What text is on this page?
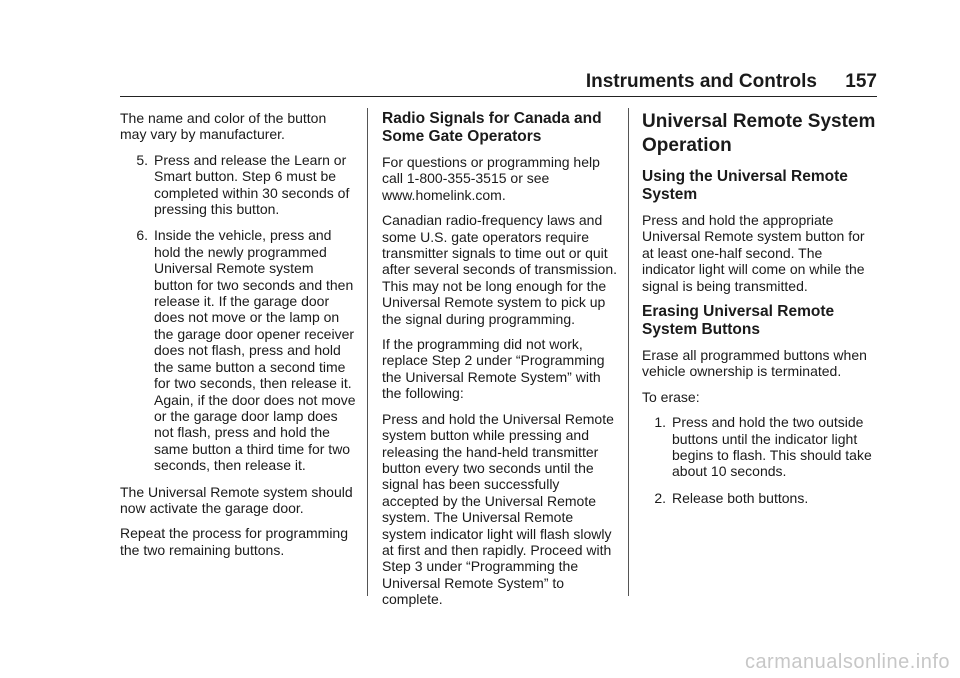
Instruments and Controls 157

The name and color of the button may vary by manufacturer.

5. Press and release the Learn or Smart button. Step 6 must be completed within 30 seconds of pressing this button.
6. Inside the vehicle, press and hold the newly programmed Universal Remote system button for two seconds and then release it. If the garage door does not move or the lamp on the garage door opener receiver does not flash, press and hold the same button a second time for two seconds, then release it. Again, if the door does not move or the garage door lamp does not flash, press and hold the same button a third time for two seconds, then release it.

The Universal Remote system should now activate the garage door.

Repeat the process for programming the two remaining buttons.

Radio Signals for Canada and Some Gate Operators

For questions or programming help call 1-800-355-3515 or see www.homelink.com.

Canadian radio-frequency laws and some U.S. gate operators require transmitter signals to time out or quit after several seconds of transmission. This may not be long enough for the Universal Remote system to pick up the signal during programming.

If the programming did not work, replace Step 2 under “Programming the Universal Remote System” with the following:

Press and hold the Universal Remote system button while pressing and releasing the hand-held transmitter button every two seconds until the signal has been successfully accepted by the Universal Remote system. The Universal Remote system indicator light will flash slowly at first and then rapidly. Proceed with Step 3 under “Programming the Universal Remote System” to complete.

Universal Remote System Operation
Using the Universal Remote System

Press and hold the appropriate Universal Remote system button for at least one-half second. The indicator light will come on while the signal is being transmitted.

Erasing Universal Remote System Buttons

Erase all programmed buttons when vehicle ownership is terminated.

To erase:

1. Press and hold the two outside buttons until the indicator light begins to flash. This should take about 10 seconds.
2. Release both buttons.
carmanualsonline.info
